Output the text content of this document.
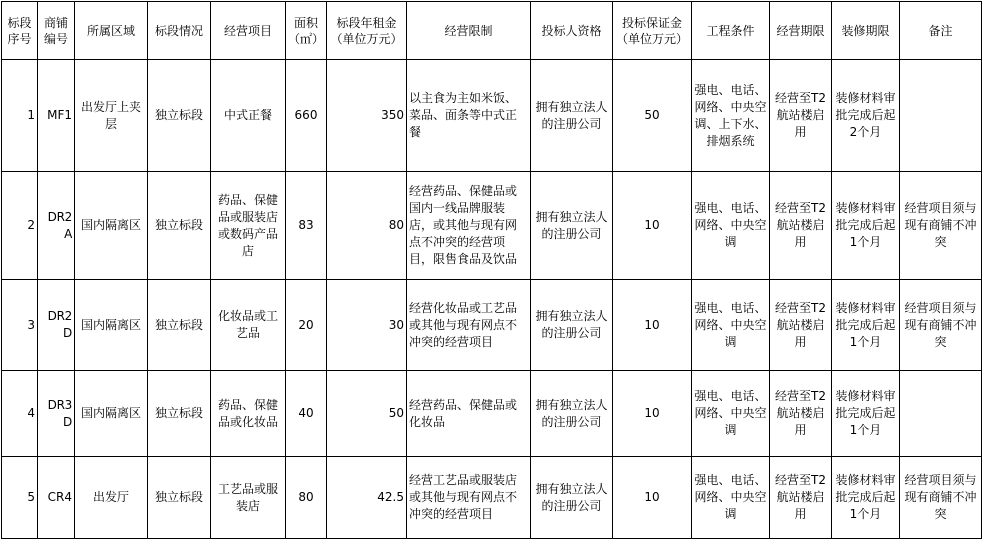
标段序号	商铺编号	所属区域	标段情况	经营项目	面积（㎡）	标段年租金（单位万元）	经营限制	投标人资格	投标保证金（单位万元）	工程条件	经营期限	装修期限	备注
1	MF1	出发厅上夹层	独立标段	中式正餐	660	350	以主食为主如米饭、菜品、面条等中式正餐	拥有独立法人的注册公司	50	强电、电话、网络、中央空调、上下水、排烟系统	经营至T2航站楼启用	装修材料审批完成后起2个月	
2	DR2A	国内隔离区	独立标段	药品、保健品或服装店或数码产品店	83	80	经营药品、保健品或国内一线品牌服装店，或其他与现有网点不冲突的经营项目，限售食品及饮品	拥有独立法人的注册公司	10	强电、电话、网络、中央空调	经营至T2航站楼启用	装修材料审批完成后起1个月	经营项目须与现有商铺不冲突
3	DR2D	国内隔离区	独立标段	化妆品或工艺品	20	30	经营化妆品或工艺品或其他与现有网点不冲突的经营项目	拥有独立法人的注册公司	10	强电、电话、网络、中央空调	经营至T2航站楼启用	装修材料审批完成后起1个月	经营项目须与现有商铺不冲突
4	DR3D	国内隔离区	独立标段	药品、保健品或化妆品	40	50	经营药品、保健品或化妆品	拥有独立法人的注册公司	10	强电、电话、网络、中央空调	经营至T2航站楼启用	装修材料审批完成后起1个月	
5	CR4	出发厅	独立标段	工艺品或服装店	80	42.5	经营工艺品或服装店或其他与现有网点不冲突的经营项目	拥有独立法人的注册公司	10	强电、电话、网络、中央空调	经营至T2航站楼启用	装修材料审批完成后起1个月	经营项目须与现有商铺不冲突
